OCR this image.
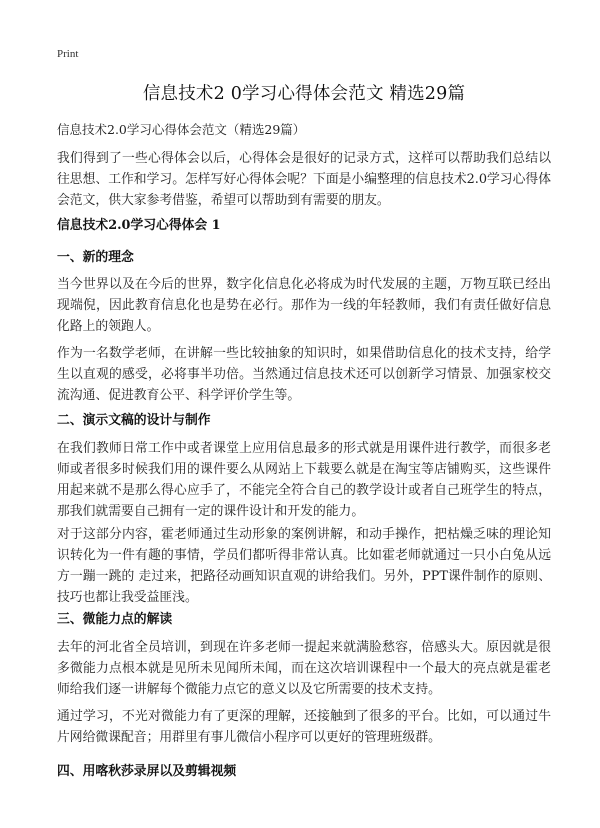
Print
信息技术2 0学习心得体会范文 精选29篇
信息技术2.0学习心得体会范文（精选29篇）

我们得到了一些心得体会以后，心得体会是很好的记录方式，这样可以帮助我们总结以往思想、工作和学习。怎样写好心得体会呢？下面是小编整理的信息技术2.0学习心得体会范文，供大家参考借鉴，希望可以帮助到有需要的朋友。

信息技术2.0学习心得体会 1
一、新的理念

当今世界以及在今后的世界，数字化信息化必将成为时代发展的主题，万物互联已经出现端倪，因此教育信息化也是势在必行。那作为一线的年轻教师，我们有责任做好信息化路上的领跑人。

作为一名数学老师，在讲解一些比较抽象的知识时，如果借助信息化的技术支持，给学生以直观的感受，必将事半功倍。当然通过信息技术还可以创新学习情景、加强家校交流沟通、促进教育公平、科学评价学生等。

二、演示文稿的设计与制作

在我们教师日常工作中或者课堂上应用信息最多的形式就是用课件进行教学，而很多老师或者很多时候我们用的课件要么从网站上下载要么就是在淘宝等店铺购买，这些课件用起来就不是那么得心应手了，不能完全符合自己的教学设计或者自己班学生的特点，那我们就需要自己拥有一定的课件设计和开发的能力。

对于这部分内容，霍老师通过生动形象的案例讲解，和动手操作，把枯燥乏味的理论知识转化为一件有趣的事情，学员们都听得非常认真。比如霍老师就通过一只小白兔从远方一蹦一跳的 走过来，把路径动画知识直观的讲给我们。另外，PPT课件制作的原则、技巧也都让我受益匪浅。

三、微能力点的解读

去年的河北省全员培训，到现在许多老师一提起来就满脸愁容，倍感头大。原因就是很多微能力点根本就是见所未见闻所未闻，而在这次培训课程中一个最大的亮点就是霍老师给我们逐一讲解每个微能力点它的意义以及它所需要的技术支持。

通过学习，不光对微能力有了更深的理解，还接触到了很多的平台。比如，可以通过牛片网给微课配音；用群里有事儿微信小程序可以更好的管理班级群。

四、用喀秋莎录屏以及剪辑视频
